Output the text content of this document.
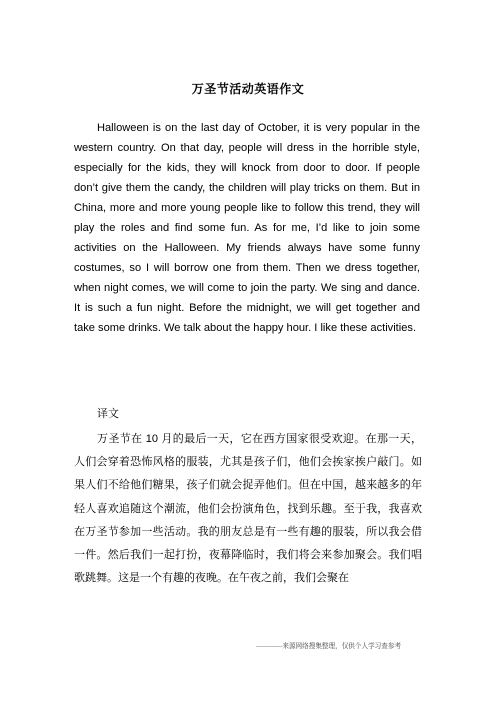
万圣节活动英语作文

Halloween is on the last day of October, it is very popular in the western country. On that day, people will dress in the horrible style, especially for the kids, they will knock from door to door. If people don’t give them the candy, the children will play tricks on them. But in China, more and more young people like to follow this trend, they will play the roles and find some fun. As for me, I’d like to join some activities on the Halloween. My friends always have some funny costumes, so I will borrow one from them. Then we dress together, when night comes, we will come to join the party. We sing and dance. It is such a fun night. Before the midnight, we will get together and take some drinks. We talk about the happy hour. I like these activities.

译文

万圣节在 10 月的最后一天，它在西方国家很受欢迎。在那一天，人们会穿着恐怖风格的服装，尤其是孩子们，他们会挨家挨户敲门。如果人们不给他们糖果，孩子们就会捉弄他们。但在中国，越来越多的年轻人喜欢追随这个潮流，他们会扮演角色，找到乐趣。至于我，我喜欢在万圣节参加一些活动。我的朋友总是有一些有趣的服装，所以我会借一件。然后我们一起打扮，夜幕降临时，我们将会来参加聚会。我们唱歌跳舞。这是一个有趣的夜晚。在午夜之前，我们会聚在

————来源网络搜集整理，仅供个人学习查参考
